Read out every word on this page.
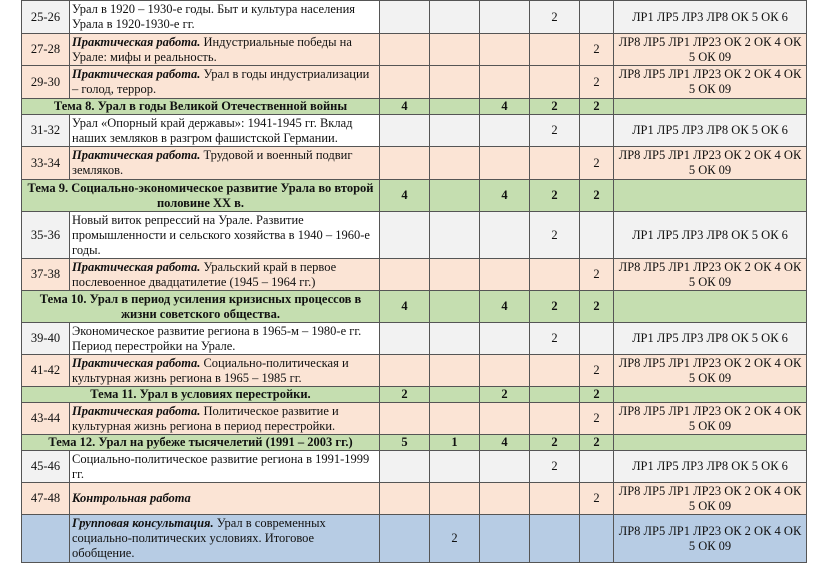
25-26	Урал в 1920 – 1930-е годы. Быт и культура населения Урала в 1920-1930-е гг.				2		ЛР1 ЛР5 ЛР3 ЛР8 ОК 5 ОК 6
27-28	Практическая работа. Индустриальные победы на Урале: мифы и реальность.					2	ЛР8 ЛР5 ЛР1 ЛР23 ОК 2 ОК 4 ОК 5 ОК 09
29-30	Практическая работа. Урал в годы индустриализации – голод, террор.					2	ЛР8 ЛР5 ЛР1 ЛР23 ОК 2 ОК 4 ОК 5 ОК 09
Тема 8. Урал в годы Великой Отечественной войны		4		4	2	2	
31-32	Урал «Опорный край державы»: 1941-1945 гг. Вклад наших земляков в разгром фашистской Германии.				2		ЛР1 ЛР5 ЛР3 ЛР8 ОК 5 ОК 6
33-34	Практическая работа. Трудовой и военный подвиг земляков.					2	ЛР8 ЛР5 ЛР1 ЛР23 ОК 2 ОК 4 ОК 5 ОК 09
Тема 9. Социально-экономическое развитие Урала во второй половине XX в.		4		4	2	2	
35-36	Новый виток репрессий на Урале. Развитие промышленности и сельского хозяйства в 1940 – 1960-е годы.				2		ЛР1 ЛР5 ЛР3 ЛР8 ОК 5 ОК 6
37-38	Практическая работа. Уральский край в первое послевоенное двадцатилетие (1945 – 1964 гг.)					2	ЛР8 ЛР5 ЛР1 ЛР23 ОК 2 ОК 4 ОК 5 ОК 09
Тема 10. Урал в период усиления кризисных процессов в жизни советского общества.		4		4	2	2	
39-40	Экономическое развитие региона в 1965-м – 1980-е гг. Период перестройки на Урале.				2		ЛР1 ЛР5 ЛР3 ЛР8 ОК 5 ОК 6
41-42	Практическая работа. Социально-политическая и культурная жизнь региона в 1965 – 1985 гг.					2	ЛР8 ЛР5 ЛР1 ЛР23 ОК 2 ОК 4 ОК 5 ОК 09
Тема 11. Урал в условиях перестройки.		2		2		2	
43-44	Практическая работа. Политическое развитие и культурная жизнь региона в период перестройки.					2	ЛР8 ЛР5 ЛР1 ЛР23 ОК 2 ОК 4 ОК 5 ОК 09
Тема 12. Урал на рубеже тысячелетий (1991 – 2003 гг.)		5	1	4	2	2	
45-46	Социально-политическое развитие региона в 1991-1999 гг.				2		ЛР1 ЛР5 ЛР3 ЛР8 ОК 5 ОК 6
47-48	Контрольная работа					2	ЛР8 ЛР5 ЛР1 ЛР23 ОК 2 ОК 4 ОК 5 ОК 09
	Групповая консультация. Урал в современных социально-политических условиях. Итоговое обобщение.		2				ЛР8 ЛР5 ЛР1 ЛР23 ОК 2 ОК 4 ОК 5 ОК 09
